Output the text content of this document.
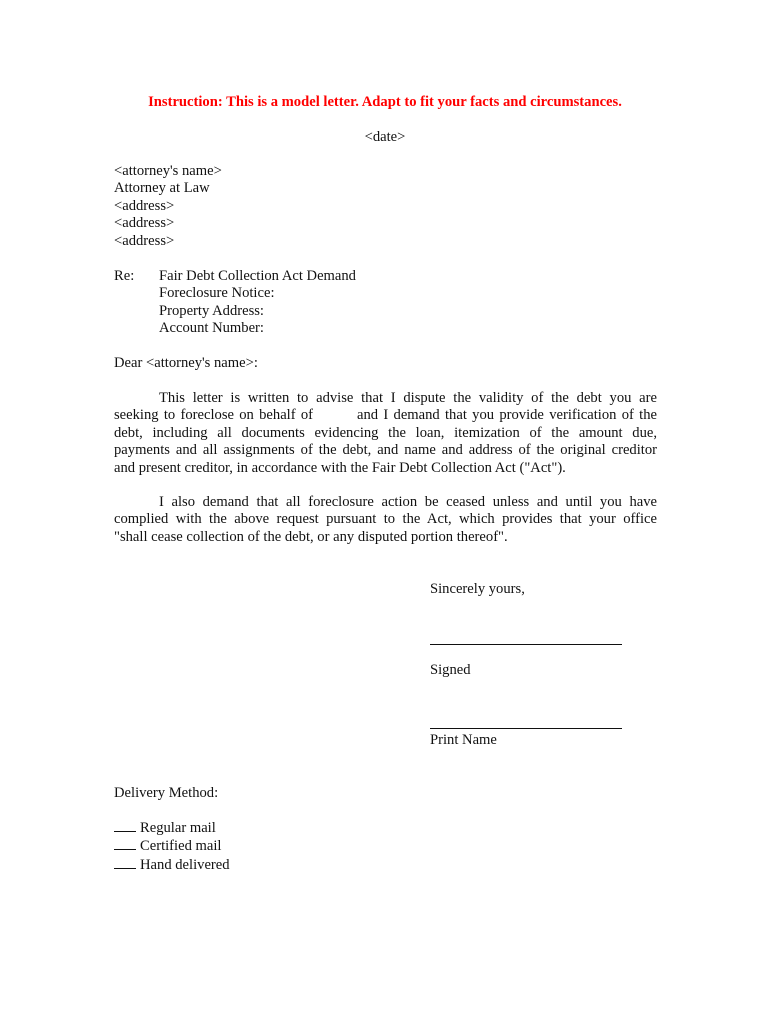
Instruction: This is a model letter. Adapt to fit your facts and circumstances.
<date>
<attorney's name>
Attorney at Law
<address>
<address>
<address>
Re: Fair Debt Collection Act Demand
Foreclosure Notice:
Property Address:
Account Number:
Dear <attorney's name>:
This letter is written to advise that I dispute the validity of the debt you are
seeking to foreclose on behalf of	and I demand that you provide verification of the
debt, including all documents evidencing the loan, itemization of the amount due,
payments and all assignments of the debt, and name and address of the original creditor
and present creditor, in accordance with the Fair Debt Collection Act ("Act").
I also demand that all foreclosure action be ceased unless and until you have
complied with the above request pursuant to the Act, which provides that your office
"shall cease collection of the debt, or any disputed portion thereof".
Sincerely yours,
Signed
Print Name
Delivery Method:
Regular mail
Certified mail
Hand delivered
